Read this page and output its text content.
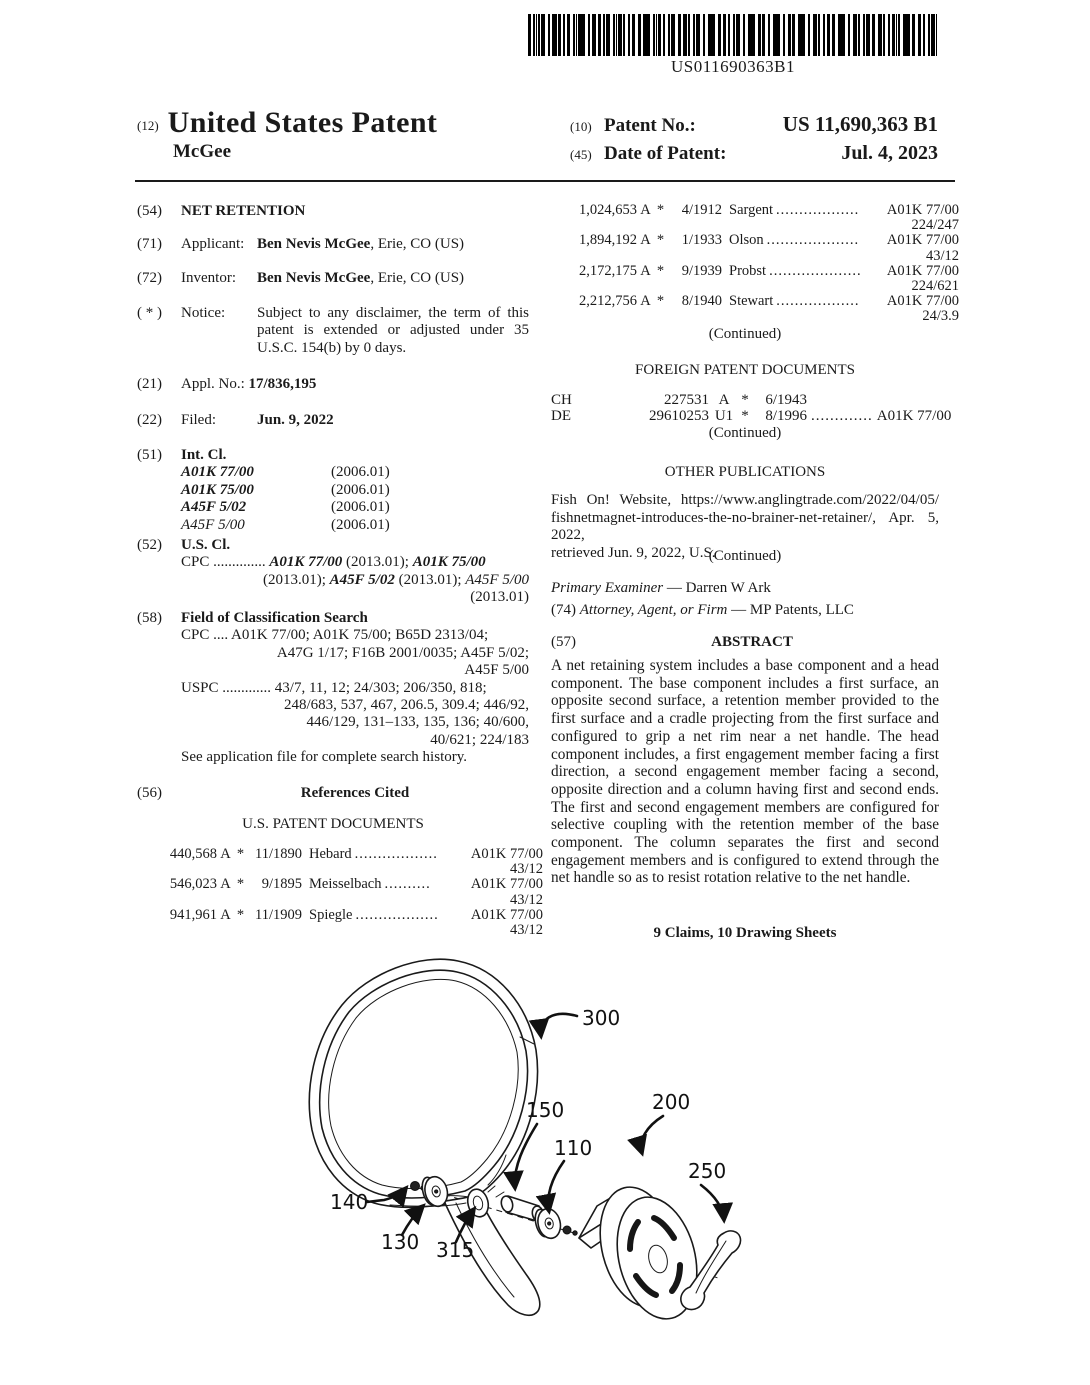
US011690363B1
(12) United States Patent
McGee
(10) Patent No.:	US 11,690,363 B1
(45) Date of Patent:	Jul. 4, 2023
(54)	NET RETENTION
(71)	Applicant: Ben Nevis McGee, Erie, CO (US)
(72)	Inventor: Ben Nevis McGee, Erie, CO (US)
( * )	Notice:	Subject to any disclaimer, the term of this patent is extended or adjusted under 35 U.S.C. 154(b) by 0 days.
(21)	Appl. No.: 17/836,195
(22)	Filed:	Jun. 9, 2022
(51)	Int. Cl.
A01K 77/00	(2006.01)
A01K 75/00	(2006.01)
A45F 5/02	(2006.01)
A45F 5/00	(2006.01)
(52)	U.S. Cl.
CPC .............. A01K 77/00 (2013.01); A01K 75/00
(2013.01); A45F 5/02 (2013.01); A45F 5/00
(2013.01)
(58)	Field of Classification Search
CPC .... A01K 77/00; A01K 75/00; B65D 2313/04;
A47G 1/17; F16B 2001/0035; A45F 5/02;
A45F 5/00
USPC ............. 43/7, 11, 12; 24/303; 206/350, 818;
248/683, 537, 467, 206.5, 309.4; 446/92,
446/129, 131–133, 135, 136; 40/600,
40/621; 224/183
See application file for complete search history.
(56)	References Cited
U.S. PATENT DOCUMENTS
440,568 A * 11/1890 Hebard ..................	A01K 77/00
43/12
546,023 A *	9/1895 Meisselbach ..........	A01K 77/00
43/12
941,961 A * 11/1909 Spiegle ..................	A01K 77/00
43/12
1,024,653 A *	4/1912 Sargent ..................	A01K 77/00
224/247
1,894,192 A *	1/1933 Olson ....................	A01K 77/00
43/12
2,172,175 A *	9/1939 Probst ....................	A01K 77/00
224/621
2,212,756 A *	8/1940 Stewart ..................	A01K 77/00
24/3.9
(Continued)
FOREIGN PATENT DOCUMENTS
CH	227531 A *	6/1943
DE	29610253 U1 *	8/1996 ............. A01K 77/00
(Continued)
OTHER PUBLICATIONS
Fish On! Website, https://www.anglingtrade.com/2022/04/05/
fishnetmagnet-introduces-the-no-brainer-net-retainer/, Apr. 5, 2022,
retrieved Jun. 9, 2022, U.S.
(Continued)
Primary Examiner — Darren W Ark
(74) Attorney, Agent, or Firm — MP Patents, LLC
(57)	ABSTRACT
A net retaining system includes a base component and a head component. The base component includes a first surface, an opposite second surface, a retention member provided to the first surface and a cradle projecting from the first surface and configured to grip a net rim near a net handle. The head component includes, a first engagement member facing a first direction, a second engagement member facing a second, opposite direction and a column having first and second ends. The first and second engagement members are configured for selective coupling with the retention member of the base component. The column separates the first and second engagement members and is configured to extend through the net handle so as to resist rotation relative to the net handle.
9 Claims, 10 Drawing Sheets
300
150
110
200
250
140
130 315
